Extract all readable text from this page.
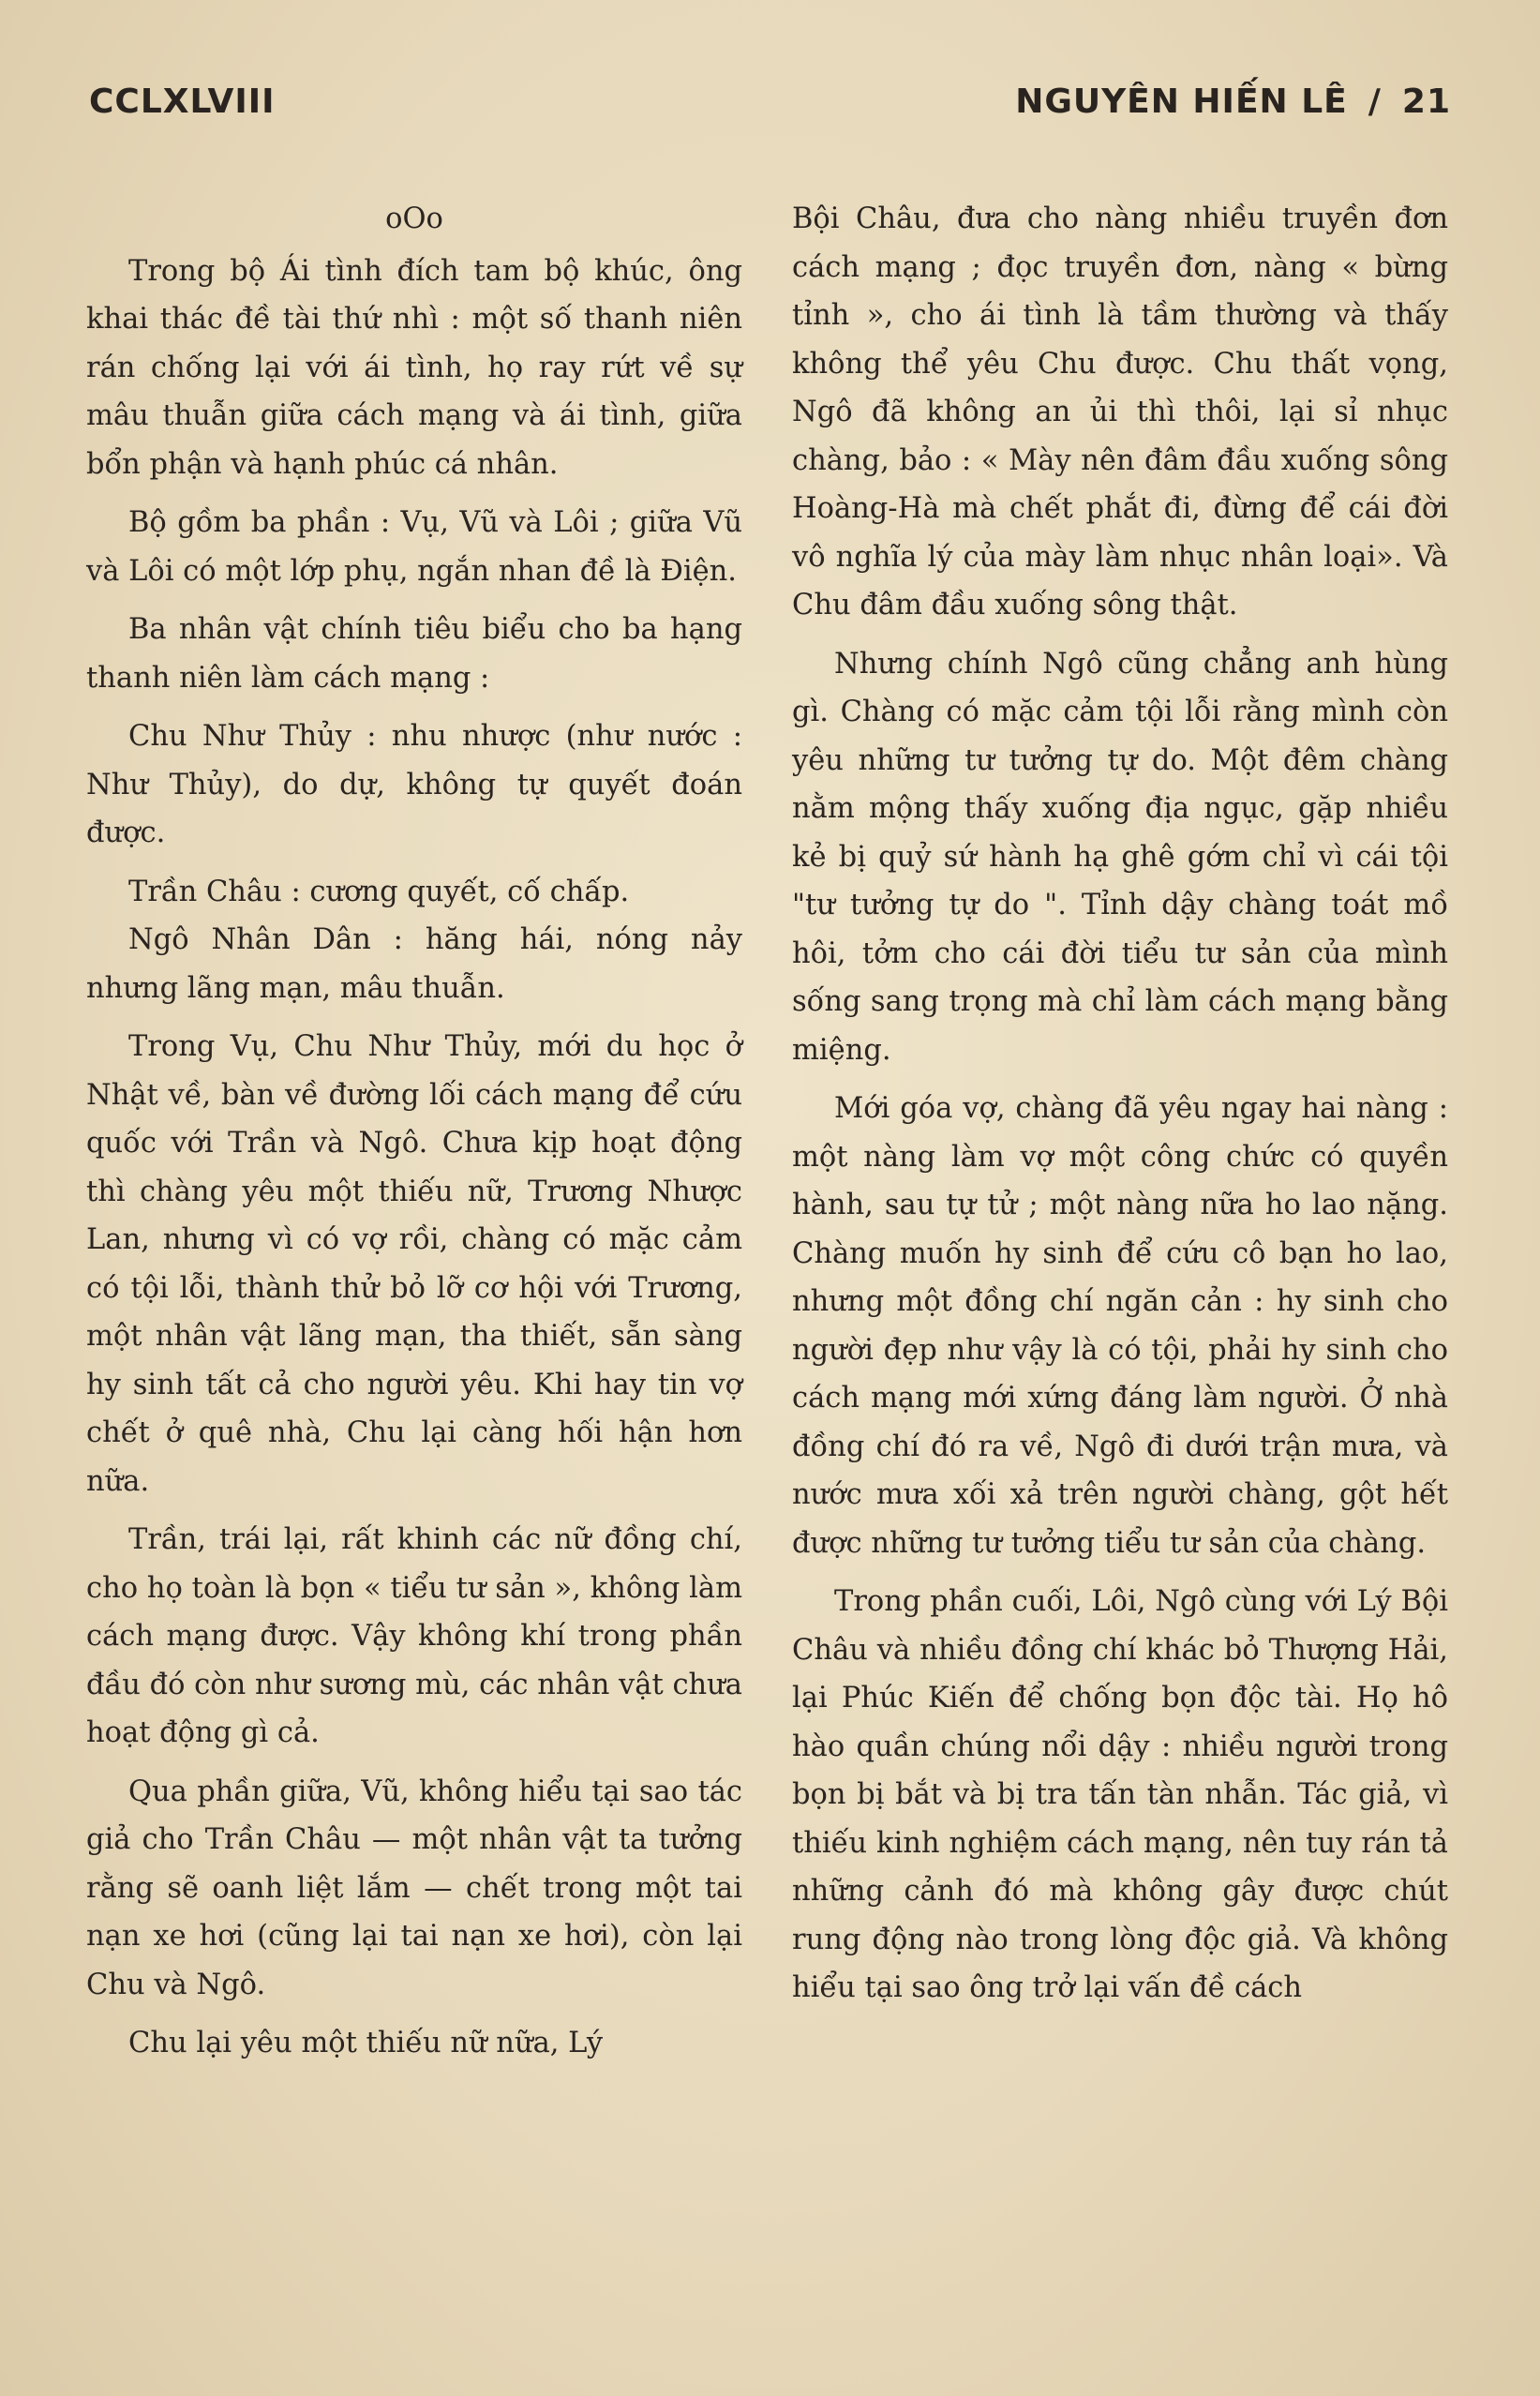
CCLXLVIII	NGUYÊN HIẾN LÊ / 21
oOo

Trong bộ Ái tình đích tam bộ khúc, ông khai thác đề tài thứ nhì : một số thanh niên rán chống lại với ái tình, họ ray rứt về sự mâu thuẫn giữa cách mạng và ái tình, giữa bổn phận và hạnh phúc cá nhân.

Bộ gồm ba phần : Vụ, Vũ và Lôi ; giữa Vũ và Lôi có một lớp phụ, ngắn nhan đề là Điện.

Ba nhân vật chính tiêu biểu cho ba hạng thanh niên làm cách mạng :

Chu Như Thủy : nhu nhược (như nước : Như Thủy), do dự, không tự quyết đoán được.

Trần Châu : cương quyết, cố chấp.

Ngô Nhân Dân : hăng hái, nóng nảy nhưng lãng mạn, mâu thuẫn.

Trong Vụ, Chu Như Thủy, mới du học ở Nhật về, bàn về đường lối cách mạng để cứu quốc với Trần và Ngô. Chưa kịp hoạt động thì chàng yêu một thiếu nữ, Trương Nhược Lan, nhưng vì có vợ rồi, chàng có mặc cảm có tội lỗi, thành thử bỏ lỡ cơ hội với Trương, một nhân vật lãng mạn, tha thiết, sẵn sàng hy sinh tất cả cho người yêu. Khi hay tin vợ chết ở quê nhà, Chu lại càng hối hận hơn nữa.

Trần, trái lại, rất khinh các nữ đồng chí, cho họ toàn là bọn « tiểu tư sản », không làm cách mạng được. Vậy không khí trong phần đầu đó còn như sương mù, các nhân vật chưa hoạt động gì cả.

Qua phần giữa, Vũ, không hiểu tại sao tác giả cho Trần Châu — một nhân vật ta tưởng rằng sẽ oanh liệt lắm — chết trong một tai nạn xe hơi (cũng lại tai nạn xe hơi), còn lại Chu và Ngô.

Chu lại yêu một thiếu nữ nữa, Lý

Bội Châu, đưa cho nàng nhiều truyền đơn cách mạng ; đọc truyền đơn, nàng « bừng tỉnh », cho ái tình là tầm thường và thấy không thể yêu Chu được. Chu thất vọng, Ngô đã không an ủi thì thôi, lại sỉ nhục chàng, bảo : « Mày nên đâm đầu xuống sông Hoàng-Hà mà chết phắt đi, đừng để cái đời vô nghĩa lý của mày làm nhục nhân loại». Và Chu đâm đầu xuống sông thật.

Nhưng chính Ngô cũng chẳng anh hùng gì. Chàng có mặc cảm tội lỗi rằng mình còn yêu những tư tưởng tự do. Một đêm chàng nằm mộng thấy xuống địa ngục, gặp nhiều kẻ bị quỷ sứ hành hạ ghê gớm chỉ vì cái tội "tư tưởng tự do ". Tỉnh dậy chàng toát mồ hôi, tởm cho cái đời tiểu tư sản của mình sống sang trọng mà chỉ làm cách mạng bằng miệng.

Mới góa vợ, chàng đã yêu ngay hai nàng : một nàng làm vợ một công chức có quyền hành, sau tự tử ; một nàng nữa ho lao nặng. Chàng muốn hy sinh để cứu cô bạn ho lao, nhưng một đồng chí ngăn cản : hy sinh cho người đẹp như vậy là có tội, phải hy sinh cho cách mạng mới xứng đáng làm người. Ở nhà đồng chí đó ra về, Ngô đi dưới trận mưa, và nước mưa xối xả trên người chàng, gột hết được những tư tưởng tiểu tư sản của chàng.

Trong phần cuối, Lôi, Ngô cùng với Lý Bội Châu và nhiều đồng chí khác bỏ Thượng Hải, lại Phúc Kiến để chống bọn độc tài. Họ hô hào quần chúng nổi dậy : nhiều người trong bọn bị bắt và bị tra tấn tàn nhẫn. Tác giả, vì thiếu kinh nghiệm cách mạng, nên tuy rán tả những cảnh đó mà không gây được chút rung động nào trong lòng độc giả. Và không hiểu tại sao ông trở lại vấn đề cách
